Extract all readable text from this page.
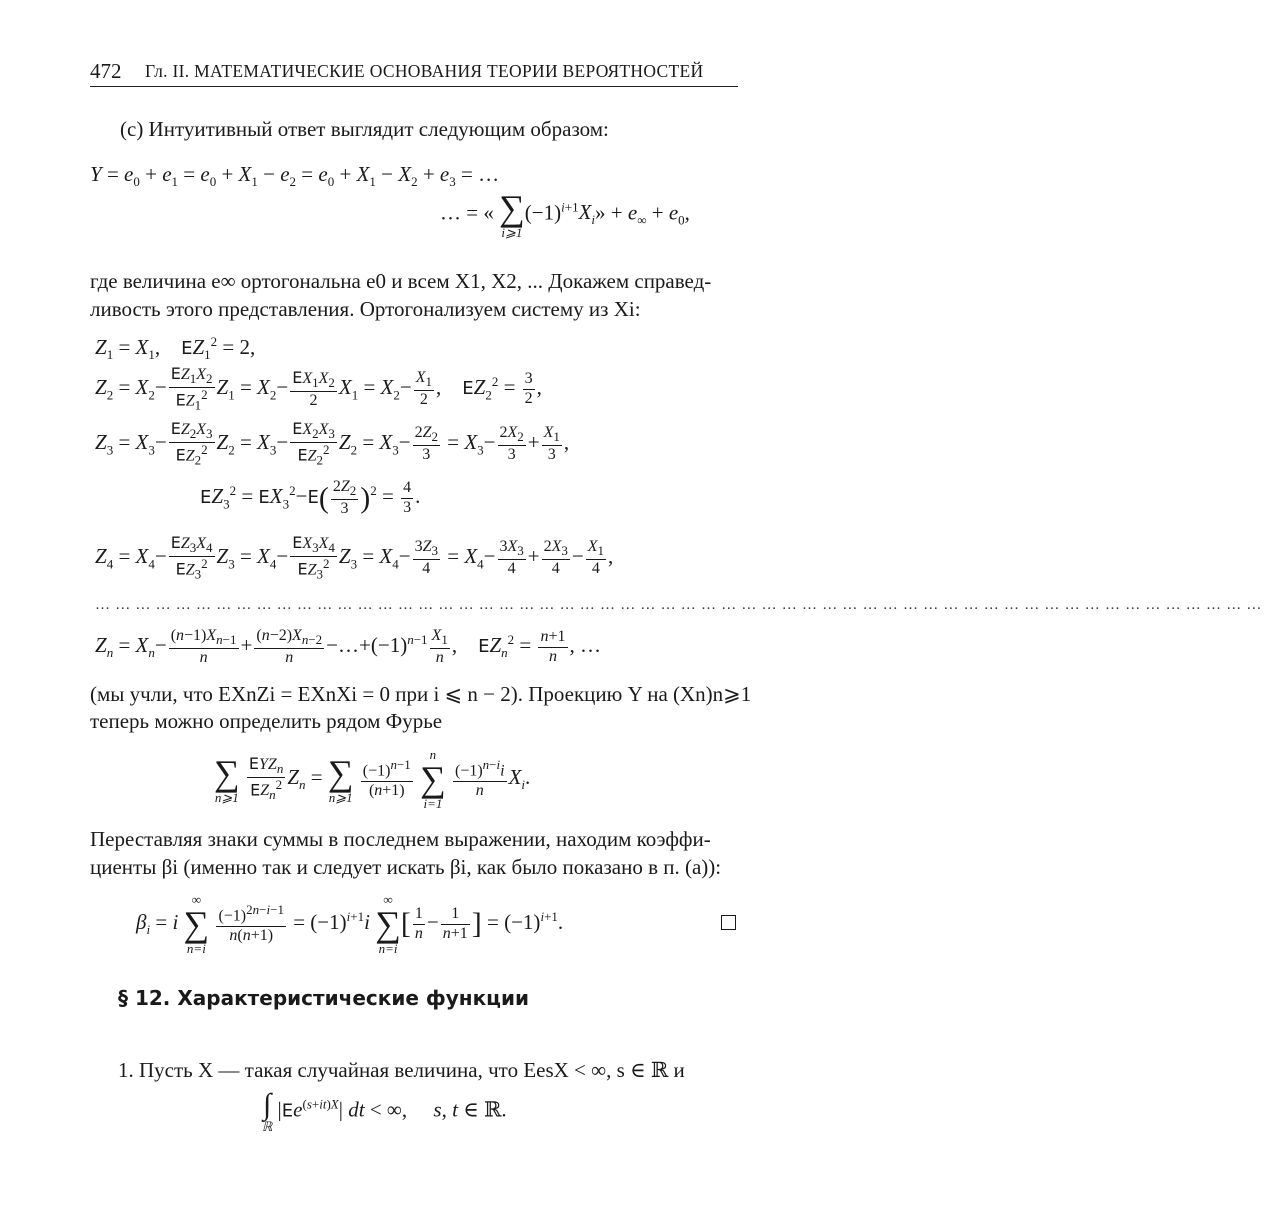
472 Гл. II. МАТЕМАТИЧЕСКИЕ ОСНОВАНИЯ ТЕОРИИ ВЕРОЯТНОСТЕЙ
(c) Интуитивный ответ выглядит следующим образом:
$Y = e_0 + e_1 = e_0 + X_1 - e_2 = e_0 + X_1 - X_2 + e_3$ = …
… = « ∑
i⩾1
$(-1)^{i+1}X_i$» + $e_\infty + e_0$,
где величина e∞ ортогональна e0 и всем X1, X2, ... Докажем справед-
ливость этого представления. Ортогонализуем систему из Xi:
$Z_1 = X_1$,    $EZ_1^2 = 2$,
$Z_2 = X_2- \frac{EZ_1X_2}{EZ_1^2} Z_1 = X_2- \frac{EX_1X_2}{2} X_1 = X_2- \frac{X_1}{2}$ ,    $EZ_2^2 = \frac{3}{2}$ ,
$Z_3 = X_3- \frac{EZ_2X_3}{EZ_2^2} Z_2 = X_3- \frac{EX_2X_3}{EZ_2^2} Z_2 = X_3- \frac{2Z_2}{3} = X_3- \frac{2X_2}{3} + \frac{X_1}{3}$ ,
$EZ_3^2 = EX_3^2-E( \frac{2Z_2}{3} )^2 = \frac{4}{3}$ .
$Z_4 = X_4- \frac{EZ_3X_4}{EZ_3^2} Z_3 = X_4- \frac{EX_3X_4}{EZ_3^2} Z_3 = X_4- \frac{3Z_3}{4} = X_4- \frac{3X_3}{4} + \frac{2X_3}{4} - \frac{X_1}{4}$ ,
…………………………………………………………………………………………………………………………………………………………
$Z_n = X_n- \frac{(n-1)X_{n-1}}{n} + \frac{(n-2)X_{n-2}}{n}$ $-\dots+(-1)^{n-1} \frac{X_1}{n}$ ,    $EZ_n^2 = \frac{n+1}{n}$ , …
(мы учли, что EXnZi = EXnXi = 0 при i ⩽ n − 2). Проекцию Y на (Xn)n⩾1
теперь можно определить рядом Фурье
∑
n⩾1
$\frac{EYZ_n}{EZ_n^2} Z_n$ = ∑
n⩾1
$\frac{(-1)^{n-1}}{(n+1)}$

n
∑
i=1

$\frac{(-1)^{n-i}i}{n} X_i$.
Переставляя знаки суммы в последнем выражении, находим коэффи-
циенты βi (именно так и следует искать βi, как было показано в п. (a)):
$\beta_i = i$
∞
∑
n=i

$\frac{(-1)^{2n-i-1}}{n(n+1)} = (-1)^{i+1}i$
∞
∑
n=i
[ $\frac{1}{n} - \frac{1}{n+1}$ ] = $(-1)^{i+1}$.
§ 12. Характеристические функции
1. Пусть X — такая случайная величина, что EesX < ∞, s ∈ ℝ и
∫
ℝ
$|Ee^{(s+it)X}|$ dt < ∞,     s, t ∈ ℝ.
